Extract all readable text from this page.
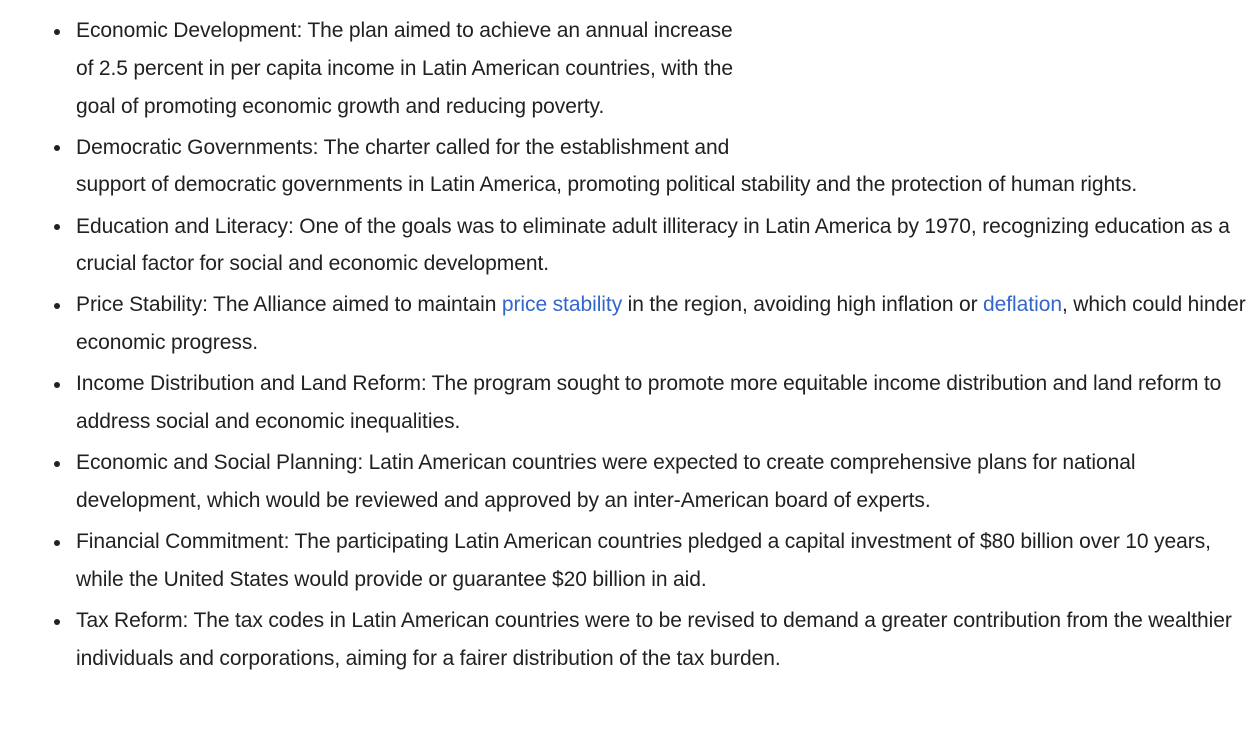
Economic Development: The plan aimed to achieve an annual increase
of 2.5 percent in per capita income in Latin American countries, with the
goal of promoting economic growth and reducing poverty.
Democratic Governments: The charter called for the establishment and
support of democratic governments in Latin America, promoting political stability and the protection of human rights.
Education and Literacy: One of the goals was to eliminate adult illiteracy in Latin America by 1970, recognizing education as a crucial factor for social and economic development.
Price Stability: The Alliance aimed to maintain price stability in the region, avoiding high inflation or deflation, which could hinder economic progress.
Income Distribution and Land Reform: The program sought to promote more equitable income distribution and land reform to address social and economic inequalities.
Economic and Social Planning: Latin American countries were expected to create comprehensive plans for national development, which would be reviewed and approved by an inter-American board of experts.
Financial Commitment: The participating Latin American countries pledged a capital investment of $80 billion over 10 years, while the United States would provide or guarantee $20 billion in aid.
Tax Reform: The tax codes in Latin American countries were to be revised to demand a greater contribution from the wealthier individuals and corporations, aiming for a fairer distribution of the tax burden.
